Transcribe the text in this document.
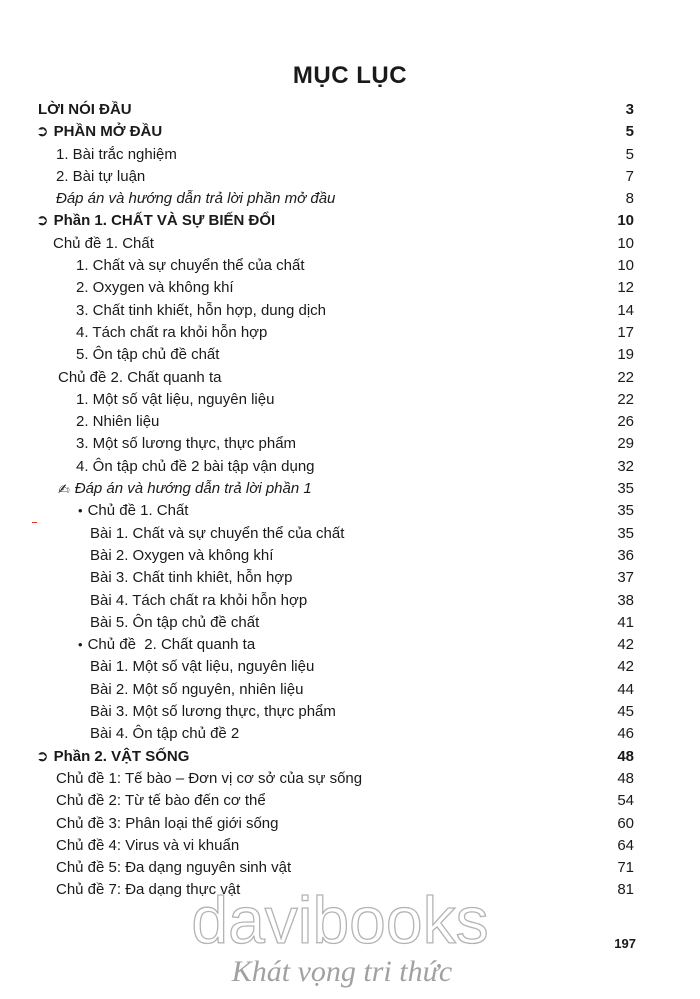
MỤC LỤC
LỜI NÓI ĐẦU	3
➲ PHẦN MỞ ĐẦU	5
1. Bài trắc nghiệm	5
2. Bài tự luận	7
Đáp án và hướng dẫn trả lời phần mở đầu	8
➲ Phần 1. CHẤT VÀ SỰ BIẾN ĐỔI	10
Chủ đề 1. Chất	10
1. Chất và sự chuyển thể của chất	10
2. Oxygen và không khí	12
3. Chất tinh khiết, hỗn hợp, dung dịch	14
4. Tách chất ra khỏi hỗn hợp	17
5. Ôn tập chủ đề chất	19
Chủ đề 2. Chất quanh ta	22
1. Một số vật liệu, nguyên liệu	22
2. Nhiên liệu	26
3. Một số lương thực, thực phẩm	29
4. Ôn tập chủ đề 2 bài tập vận dụng	32
✍ Đáp án và hướng dẫn trả lời phần 1	35
• Chủ đề 1. Chất	35
Bài 1. Chất và sự chuyển thể của chất	35
Bài 2. Oxygen và không khí	36
Bài 3. Chất tinh khiêt, hỗn hợp	37
Bài 4. Tách chất ra khỏi hỗn hợp	38
Bài 5. Ôn tập chủ đề chất	41
• Chủ đề  2. Chất quanh ta	42
Bài 1. Một số vật liệu, nguyên liệu	42
Bài 2. Một số nguyên, nhiên liệu	44
Bài 3. Một số lương thực, thực phẩm	45
Bài 4. Ôn tập chủ đề 2	46
➲ Phần 2. VẬT SỐNG	48
Chủ đề 1: Tế bào – Đơn vị cơ sở của sự sống	48
Chủ đề 2: Từ tế bào đến cơ thể	54
Chủ đề 3: Phân loại thế giới sống	60
Chủ đề 4: Virus và vi khuẩn	64
Chủ đề 5: Đa dạng nguyên sinh vật	71
Chủ đề 7: Đa dạng thực vật	81
197
davibooks
Khát vọng tri thức
